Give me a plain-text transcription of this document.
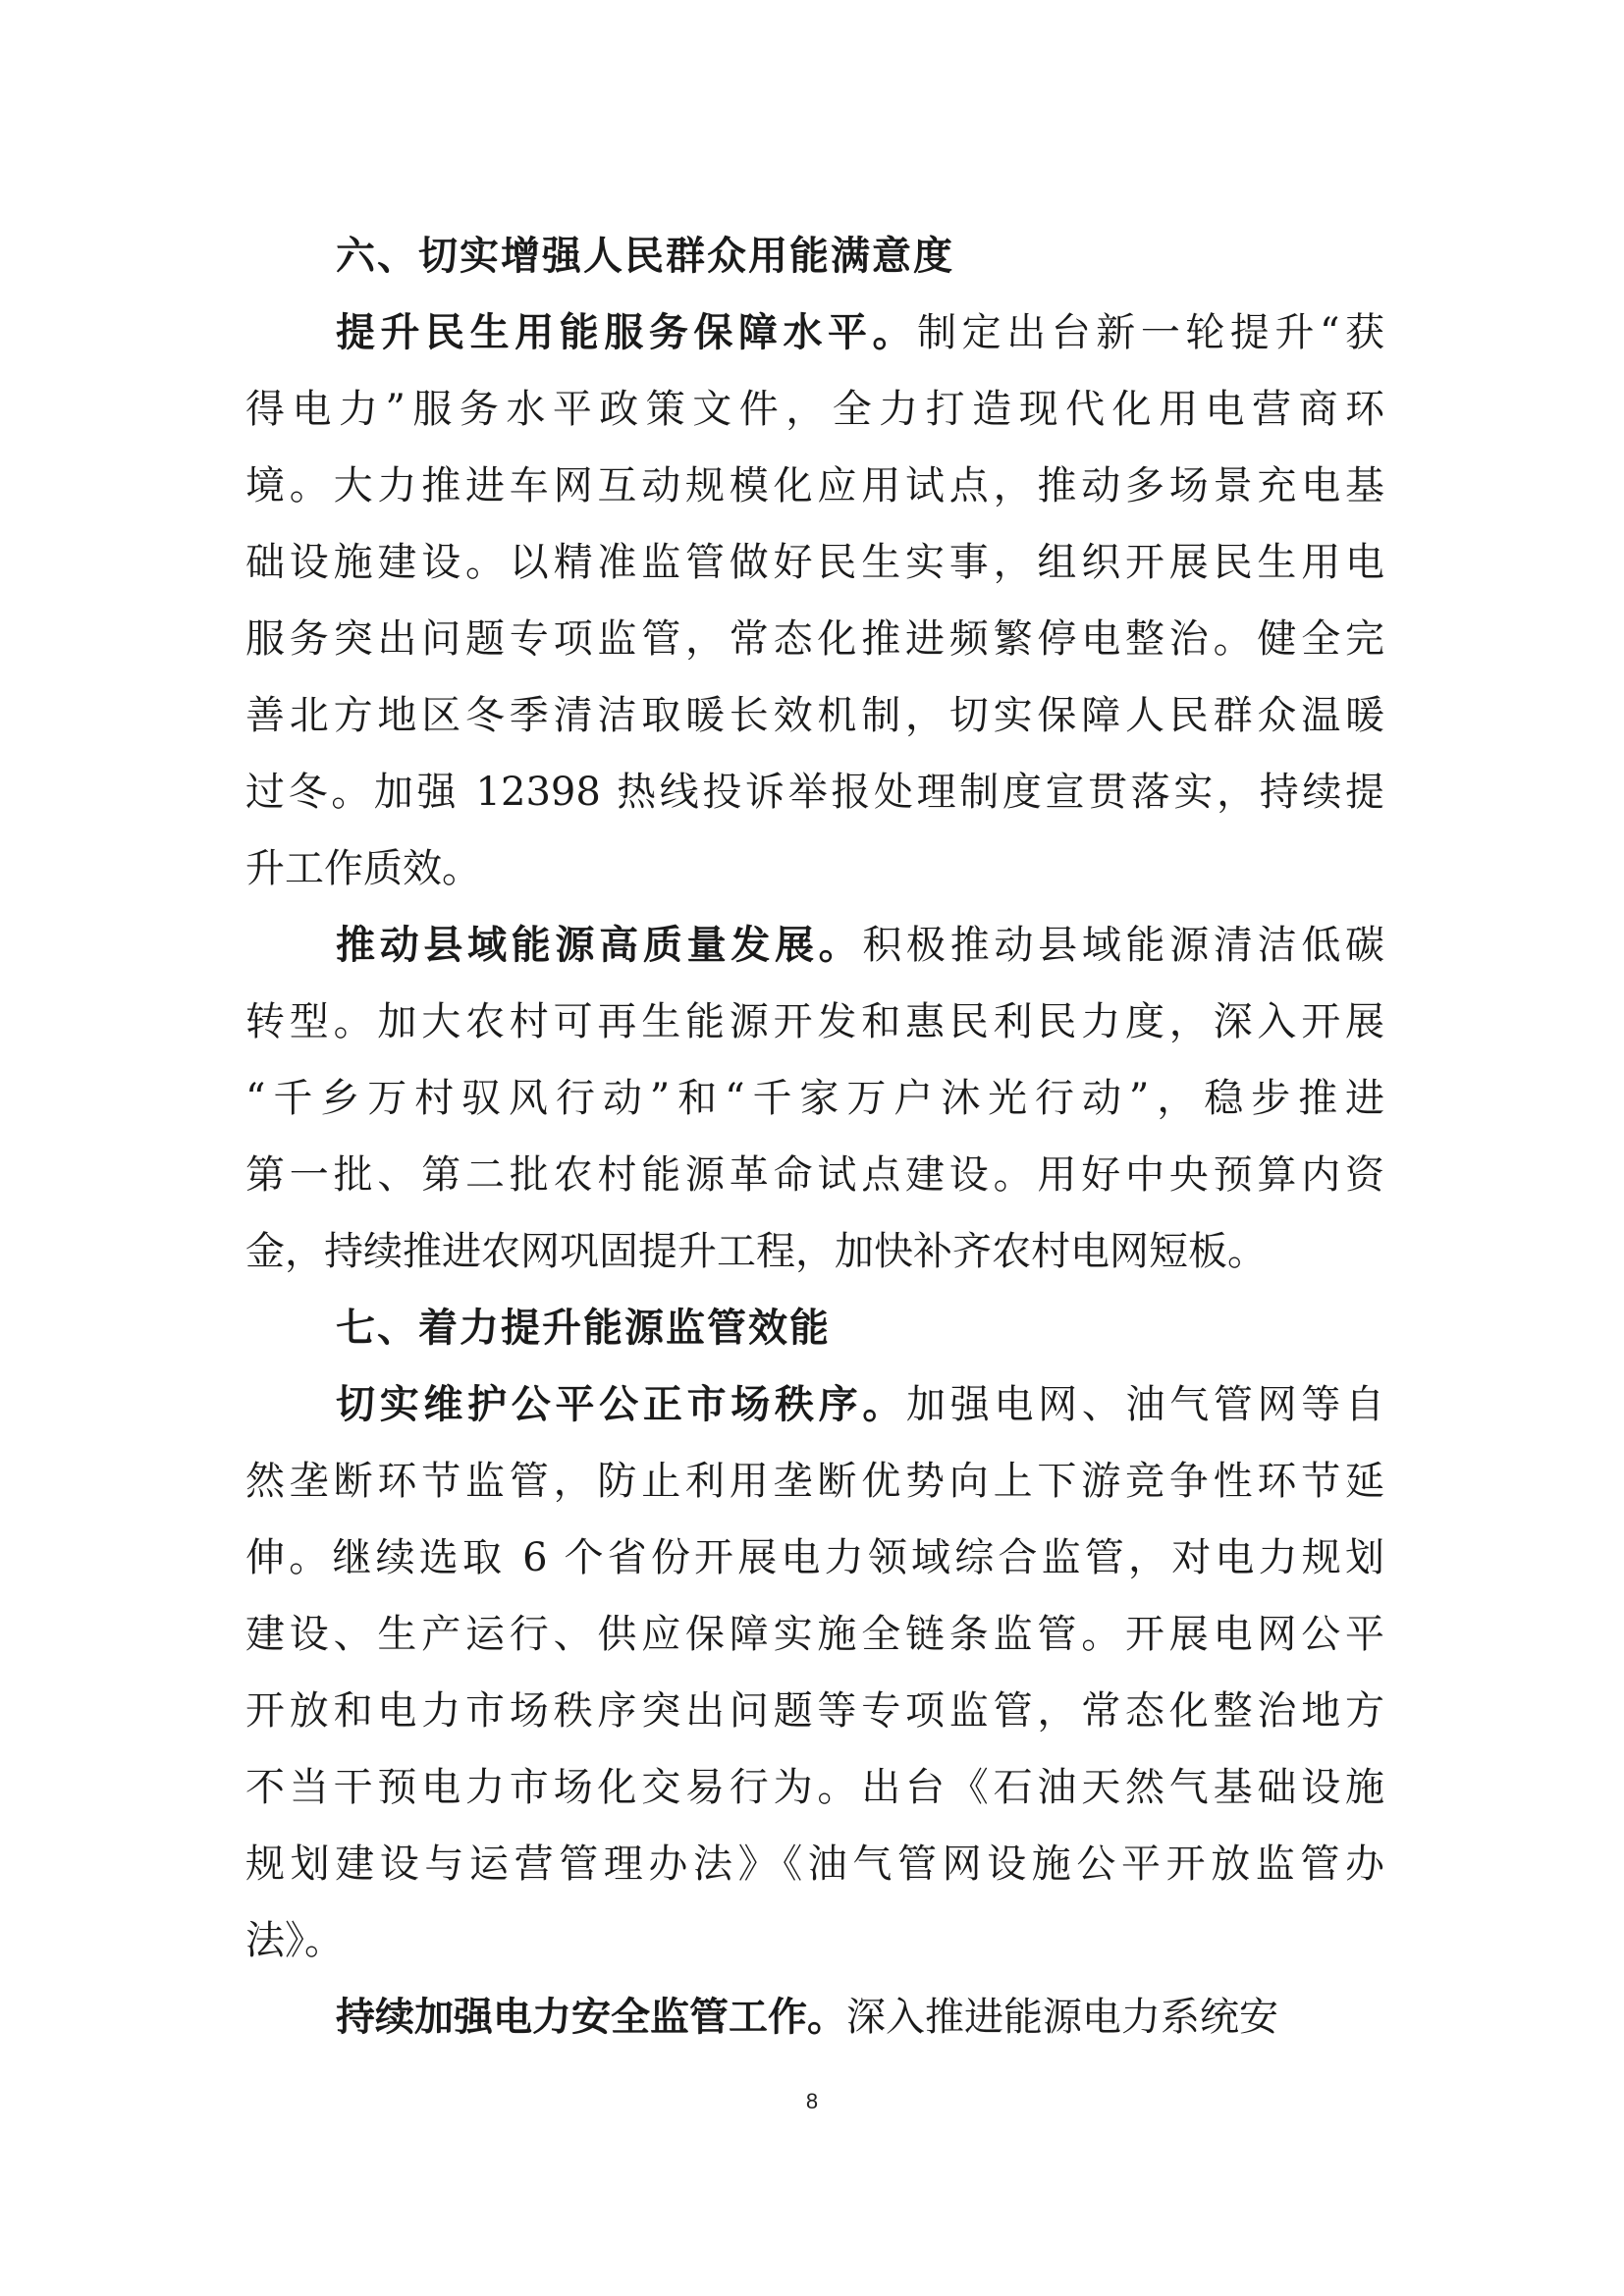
六、切实增强人民群众用能满意度
提升民生用能服务保障水平。制定出台新一轮提升“获
得电力”服务水平政策文件，全力打造现代化用电营商环
境。大力推进车网互动规模化应用试点，推动多场景充电基
础设施建设。以精准监管做好民生实事，组织开展民生用电
服务突出问题专项监管，常态化推进频繁停电整治。健全完
善北方地区冬季清洁取暖长效机制，切实保障人民群众温暖
过冬。加强 12398 热线投诉举报处理制度宣贯落实，持续提
升工作质效。
推动县域能源高质量发展。积极推动县域能源清洁低碳
转型。加大农村可再生能源开发和惠民利民力度，深入开展
“千乡万村驭风行动”和“千家万户沐光行动”，稳步推进
第一批、第二批农村能源革命试点建设。用好中央预算内资
金，持续推进农网巩固提升工程，加快补齐农村电网短板。
七、着力提升能源监管效能
切实维护公平公正市场秩序。加强电网、油气管网等自
然垄断环节监管，防止利用垄断优势向上下游竞争性环节延
伸。继续选取 6 个省份开展电力领域综合监管，对电力规划
建设、生产运行、供应保障实施全链条监管。开展电网公平
开放和电力市场秩序突出问题等专项监管，常态化整治地方
不当干预电力市场化交易行为。出台《石油天然气基础设施
规划建设与运营管理办法》《油气管网设施公平开放监管办
法》。
持续加强电力安全监管工作。深入推进能源电力系统安
8
